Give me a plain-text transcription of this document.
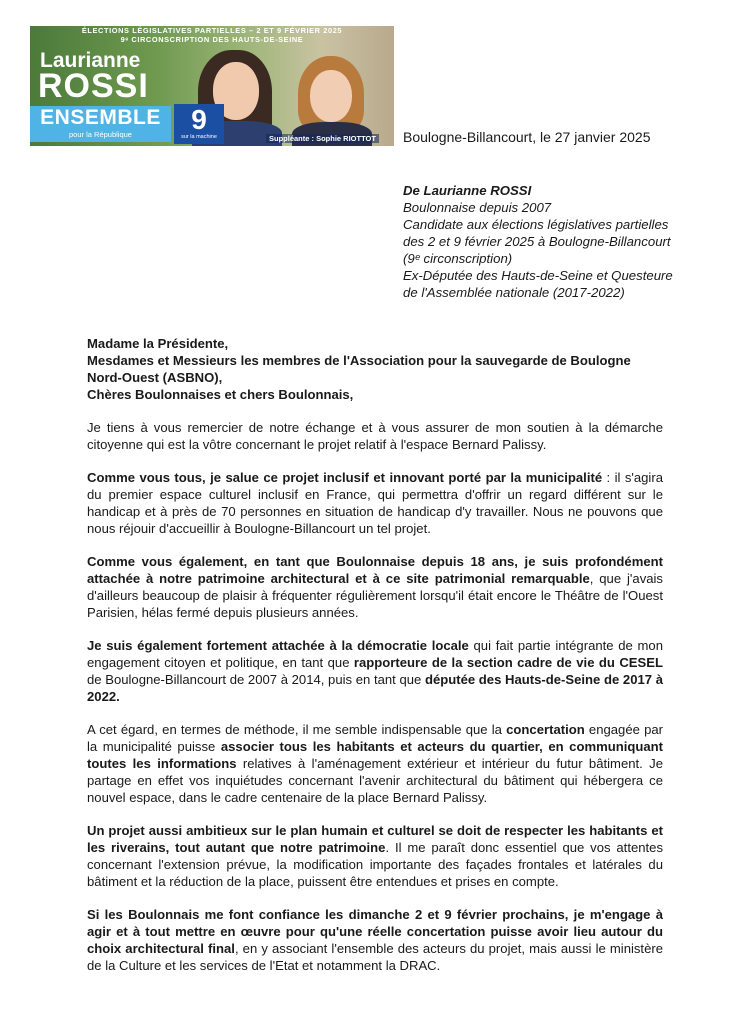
ÉLECTIONS LÉGISLATIVES PARTIELLES – 2 ET 9 FÉVRIER 2025
9ᵉ CIRCONSCRIPTION DES HAUTS-DE-SEINE
Laurianne
ROSSI
ENSEMBLE
pour la République	9
sur la machine	Suppléante : Sophie RIOTTOT Boulogne-Billancourt, le 27 janvier 2025
De Laurianne ROSSI
Boulonnaise depuis 2007
Candidate aux élections législatives partielles
des 2 et 9 février 2025 à Boulogne-Billancourt
(9ᵉ circonscription)
Ex-Députée des Hauts-de-Seine et Questeure
de l'Assemblée nationale (2017-2022)
Madame la Présidente,
Mesdames et Messieurs les membres de l'Association pour la sauvegarde de Boulogne Nord-Ouest (ASBNO),
Chères Boulonnaises et chers Boulonnais,

Je tiens à vous remercier de notre échange et à vous assurer de mon soutien à la démarche citoyenne qui est la vôtre concernant le projet relatif à l'espace Bernard Palissy.

Comme vous tous, je salue ce projet inclusif et innovant porté par la municipalité : il s'agira du premier espace culturel inclusif en France, qui permettra d'offrir un regard différent sur le handicap et à près de 70 personnes en situation de handicap d'y travailler. Nous ne pouvons que nous réjouir d'accueillir à Boulogne-Billancourt un tel projet.

Comme vous également, en tant que Boulonnaise depuis 18 ans, je suis profondément attachée à notre patrimoine architectural et à ce site patrimonial remarquable, que j'avais d'ailleurs beaucoup de plaisir à fréquenter régulièrement lorsqu'il était encore le Théâtre de l'Ouest Parisien, hélas fermé depuis plusieurs années.

Je suis également fortement attachée à la démocratie locale qui fait partie intégrante de mon engagement citoyen et politique, en tant que rapporteure de la section cadre de vie du CESEL de Boulogne-Billancourt de 2007 à 2014, puis en tant que députée des Hauts-de-Seine de 2017 à 2022.

A cet égard, en termes de méthode, il me semble indispensable que la concertation engagée par la municipalité puisse associer tous les habitants et acteurs du quartier, en communiquant toutes les informations relatives à l'aménagement extérieur et intérieur du futur bâtiment. Je partage en effet vos inquiétudes concernant l'avenir architectural du bâtiment qui hébergera ce nouvel espace, dans le cadre centenaire de la place Bernard Palissy.

Un projet aussi ambitieux sur le plan humain et culturel se doit de respecter les habitants et les riverains, tout autant que notre patrimoine. Il me paraît donc essentiel que vos attentes concernant l'extension prévue, la modification importante des façades frontales et latérales du bâtiment et la réduction de la place, puissent être entendues et prises en compte.

Si les Boulonnais me font confiance les dimanche 2 et 9 février prochains, je m'engage à agir et à tout mettre en œuvre pour qu'une réelle concertation puisse avoir lieu autour du choix architectural final, en y associant l'ensemble des acteurs du projet, mais aussi le ministère de la Culture et les services de l'Etat et notamment la DRAC.
